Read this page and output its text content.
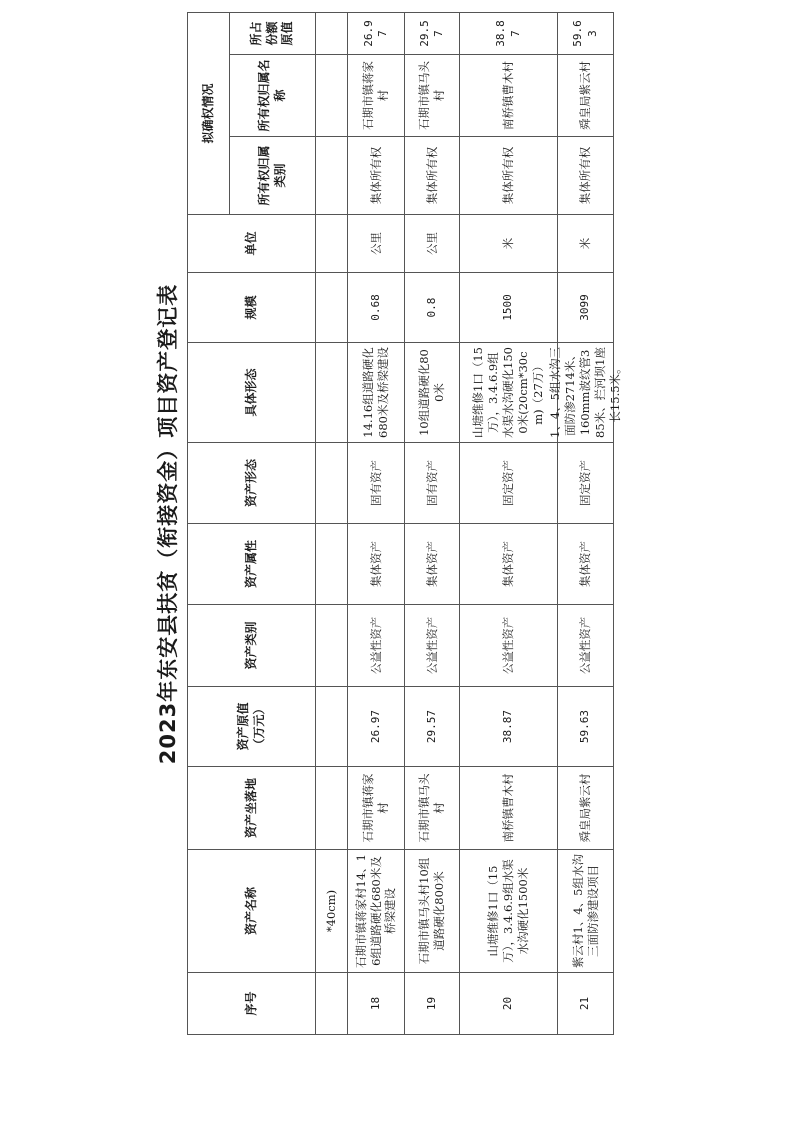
2023年东安县扶贫（衔接资金）项目资产登记表
序号
资产名称
资产坐落地
资产原值（万元）
资产类别
资产属性
资产形态
具体形态
规模
单位
拟确权情况
所有权归属类别
所有权归属名称
所占份额原值
*40cm)
18
石期市镇蒋家村14、16组道路硬化680米及桥梁建设
石期市镇蒋家村
26.97
公益性资产
集体资产
固有资产
14.16组道路硬化680米及桥梁建设
0.68
公里
集体所有权
石期市镇蒋家村
26.97
19
石期市镇马头村10组道路硬化800米
石期市镇马头村
29.57
公益性资产
集体资产
固有资产
10组道路硬化800米
0.8
公里
集体所有权
石期市镇马头村
29.57
20
山塘维修1口（15万），3.4.6.9组水渠水沟硬化1500米
南桥镇曹木村
38.87
公益性资产
集体资产
固定资产
山塘维修1口（15万），3.4.6.9组水渠水沟硬化1500米(20cm*30cm)（27万）
1500
米
集体所有权
南桥镇曹木村
38.87
21
紫云村1、4、5组水沟三面防渗建设项目
舜皇局紫云村
59.63
公益性资产
集体资产
固定资产
1、4、5组水沟三面防渗2714米、160mm波纹管385米、拦河坝1座长15.5米。
3099
米
集体所有权
舜皇局紫云村
59.63
